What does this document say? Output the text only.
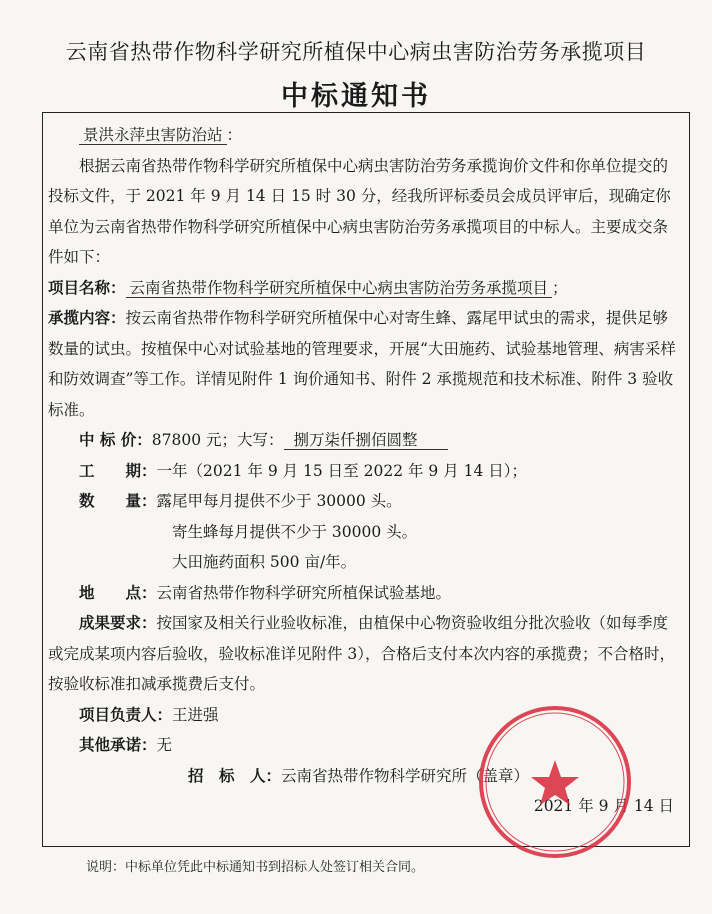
云南省热带作物科学研究所植保中心病虫害防治劳务承揽项目
中标通知书

景洪永萍虫害防治站 ：

根据云南省热带作物科学研究所植保中心病虫害防治劳务承揽询价文件和你单位提交的投标文件，于 2021 年 9 月 14 日 15 时 30 分，经我所评标委员会成员评审后，现确定你单位为云南省热带作物科学研究所植保中心病虫害防治劳务承揽项目的中标人。主要成交条件如下：

项目名称： 云南省热带作物科学研究所植保中心病虫害防治劳务承揽项目 ；

承揽内容：按云南省热带作物科学研究所植保中心对寄生蜂、露尾甲试虫的需求，提供足够数量的试虫。按植保中心对试验基地的管理要求，开展“大田施药、试验基地管理、病害采样和防效调查”等工作。详情见附件 1 询价通知书、附件 2 承揽规范和技术标准、附件 3 验收标准。

中 标 价：87800 元；大写： 捌万柒仟捌佰圆整

工　　期：一年（2021 年 9 月 15 日至 2022 年 9 月 14 日）；

数　　量：露尾甲每月提供不少于 30000 头。

寄生蜂每月提供不少于 30000 头。

大田施药面积 500 亩/年。

地　　点：云南省热带作物科学研究所植保试验基地。

成果要求：按国家及相关行业验收标准，由植保中心物资验收组分批次验收（如每季度或完成某项内容后验收，验收标准详见附件 3），合格后支付本次内容的承揽费；不合格时，按验收标准扣减承揽费后支付。

项目负责人：王进强

其他承诺：无

招　标　人：云南省热带作物科学研究所（盖章）

2021 年 9 月 14 日

说明：中标单位凭此中标通知书到招标人处签订相关合同。
